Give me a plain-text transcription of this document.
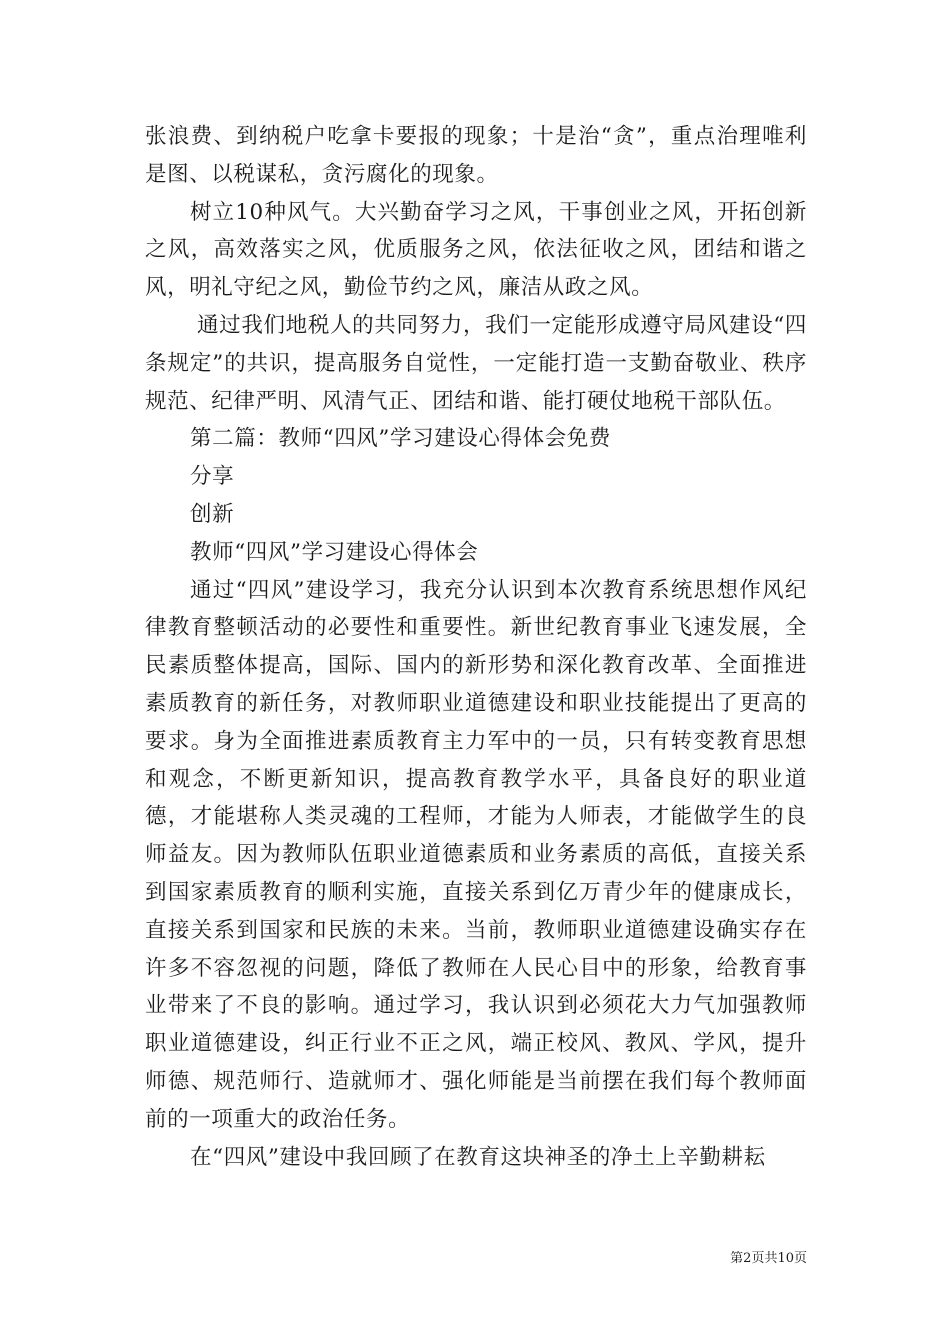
张浪费、到纳税户吃拿卡要报的现象；十是治“贪”，重点治理唯利是图、以税谋私，贪污腐化的现象。

树立10种风气。大兴勤奋学习之风，干事创业之风，开拓创新之风，高效落实之风，优质服务之风，依法征收之风，团结和谐之风，明礼守纪之风，勤俭节约之风，廉洁从政之风。

通过我们地税人的共同努力，我们一定能形成遵守局风建设“四条规定”的共识，提高服务自觉性，一定能打造一支勤奋敬业、秩序规范、纪律严明、风清气正、团结和谐、能打硬仗地税干部队伍。

第二篇：教师“四风”学习建设心得体会免费

分享

创新

教师“四风”学习建设心得体会

通过“四风”建设学习，我充分认识到本次教育系统思想作风纪律教育整顿活动的必要性和重要性。新世纪教育事业飞速发展，全民素质整体提高，国际、国内的新形势和深化教育改革、全面推进素质教育的新任务，对教师职业道德建设和职业技能提出了更高的要求。身为全面推进素质教育主力军中的一员，只有转变教育思想和观念，不断更新知识，提高教育教学水平，具备良好的职业道德，才能堪称人类灵魂的工程师，才能为人师表，才能做学生的良师益友。因为教师队伍职业道德素质和业务素质的高低，直接关系到国家素质教育的顺利实施，直接关系到亿万青少年的健康成长，直接关系到国家和民族的未来。当前，教师职业道德建设确实存在许多不容忽视的问题，降低了教师在人民心目中的形象，给教育事业带来了不良的影响。通过学习，我认识到必须花大力气加强教师职业道德建设，纠正行业不正之风，端正校风、教风、学风，提升师德、规范师行、造就师才、强化师能是当前摆在我们每个教师面前的一项重大的政治任务。

在“四风”建设中我回顾了在教育这块神圣的净土上辛勤耕耘

第2页共10页
